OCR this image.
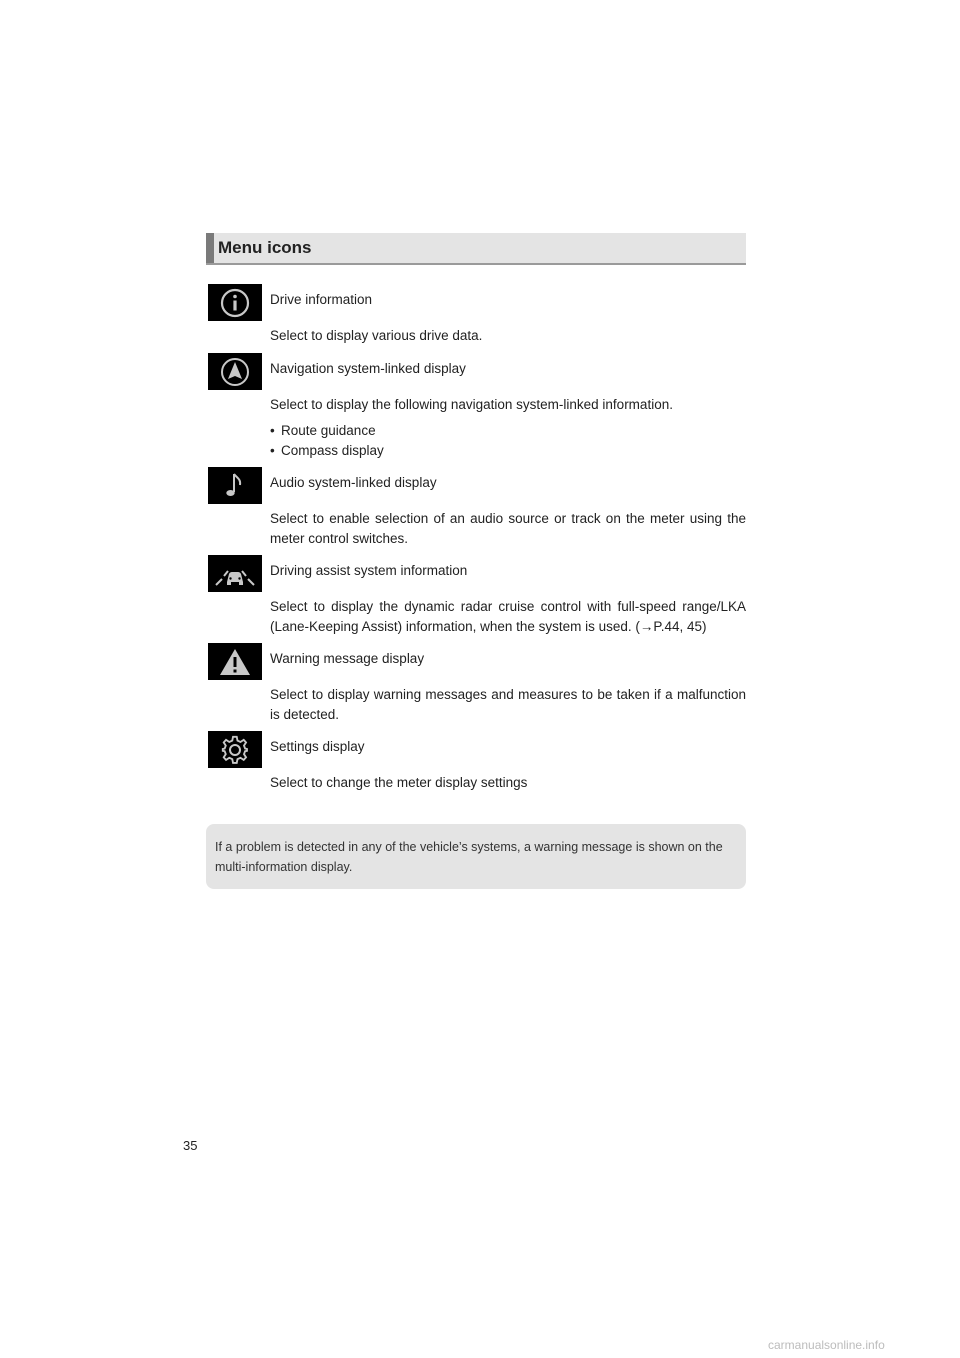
Menu icons
Drive information
Select to display various drive data.
Navigation system-linked display
Select to display the following navigation system-linked information.
• Route guidance
• Compass display
Audio system-linked display
Select to enable selection of an audio source or track on the meter using the meter control switches.
Driving assist system information
Select to display the dynamic radar cruise control with full-speed range/LKA (Lane-Keeping Assist) information, when the system is used. (→P.44, 45)
Warning message display
Select to display warning messages and measures to be taken if a malfunction is detected.
Settings display
Select to change the meter display settings
If a problem is detected in any of the vehicle’s systems, a warning message is shown on the multi-information display.
35
carmanualsonline.info
